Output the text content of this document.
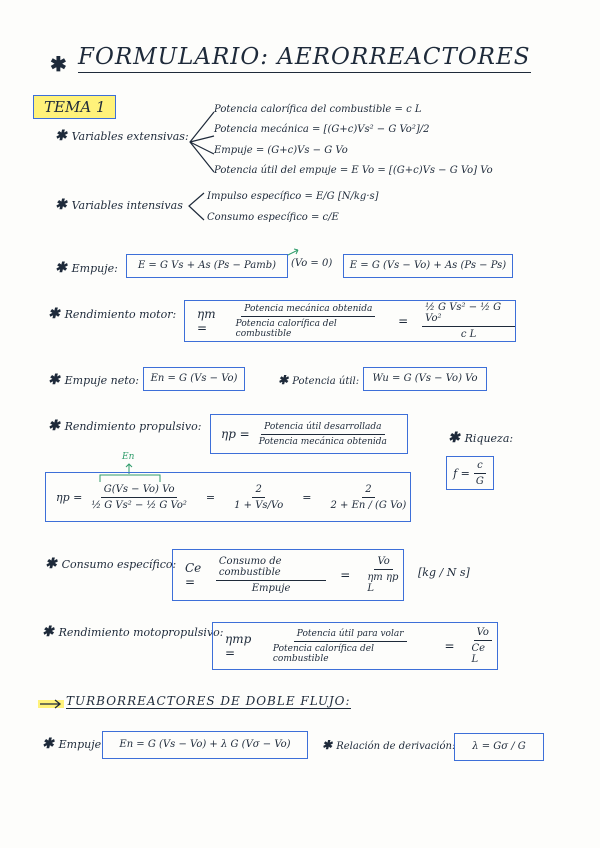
✱ FORMULARIO: AERORREACTORES
TEMA 1
✱ Variables extensivas:
Potencia calorífica del combustible = c L
Potencia mecánica = [(G+c)Vs² − G Vo²]/2
Empuje = (G+c)Vs − G Vo
Potencia útil del empuje = E Vo = [(G+c)Vs − G Vo] Vo
✱ Variables intensivas
Impulso específico = E/G [N/kg·s]
Consumo específico = c/E
✱ Empuje:	E = G Vs + As (Ps − Pamb)	(Vo = 0)	E = G (Vs − Vo) + As (Ps − Ps)
✱ Rendimiento motor: ηm =	$\frac{\text{Potencia mecánica obtenida}}{\text{Potencia calorífica del combustible}} = \frac{\text{½ G Vs² − ½ G Vo²}}{\text{c L}}$
✱ Empuje neto:	En = G (Vs − Vo)	✱ Potencia útil:	Wu = G (Vs − Vo) Vo
✱ Rendimiento propulsivo:
$\eta p = \frac{\text{Potencia útil desarrollada}}{\text{Potencia mecánica obtenida}}$	✱ Riqueza:
$f = \frac{c}{G}$
En
$\eta p = \frac{G(Vs - Vo) Vo}{\text{½ G Vs² − ½ G Vo²}} = \frac{2}{1 + Vs/Vo} = \frac{2}{\text{2 + En / (G Vo)}}$
✱ Consumo específico: Ce =	$\frac{\text{Consumo de combustible}}{\text{Empuje}} = \frac{Vo}{\text{ηm ηp L}} [kg / N$ s]
✱ Rendimiento motopropulsivo: ηmp =	$\frac{\text{Potencia útil para volar}}{\text{Potencia calorífica del combustible}} = \frac{Vo}{\text{Ce L}}$
TURBORREACTORES DE DOBLE FLUJO:
✱ Empuje	En = G (Vs − Vo) + λ G (Vσ − Vo)	✱ Relación de derivación:	λ = Gσ / G
